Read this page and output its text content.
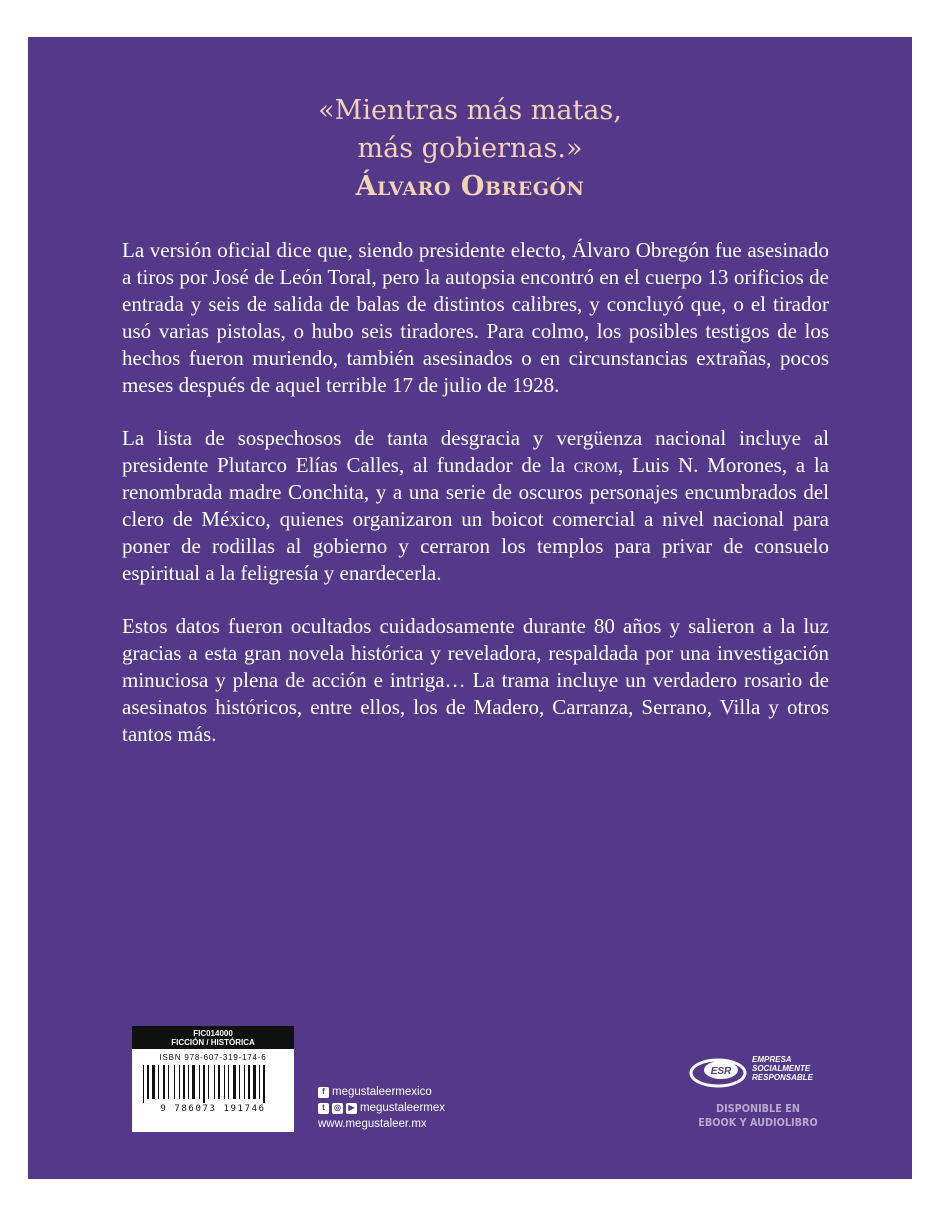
«Mientras más matas,
más gobiernas.»
Álvaro Obregón

La versión oficial dice que, siendo presidente electo, Álvaro Obregón fue asesinado a tiros por José de León Toral, pero la autopsia encontró en el cuerpo 13 orificios de entrada y seis de salida de balas de distintos calibres, y concluyó que, o el tirador usó varias pistolas, o hubo seis tiradores. Para colmo, los posibles testigos de los hechos fueron muriendo, también asesinados o en circunstancias extrañas, pocos meses después de aquel terrible 17 de julio de 1928.

La lista de sospechosos de tanta desgracia y vergüenza nacional incluye al presidente Plutarco Elías Calles, al fundador de la crom, Luis N. Morones, a la renombrada madre Conchita, y a una serie de oscuros personajes encumbrados del clero de México, quienes organizaron un boicot comercial a nivel nacional para poner de rodillas al gobierno y cerraron los templos para privar de consuelo espiritual a la feligresía y enardecerla.

Estos datos fueron ocultados cuidadosamente durante 80 años y salieron a la luz gracias a esta gran novela histórica y reveladora, respaldada por una investigación minuciosa y plena de acción e intriga… La trama incluye un verdadero rosario de asesinatos históricos, entre ellos, los de Madero, Carranza, Serrano, Villa y otros tantos más.

FIC014000
FICCIÓN / HISTÓRICA
ISBN 978-607-319-174-6
9 786073 191746
f megustaleermexico
t	◎ ▶ megustaleermex
www.megustaleer.mx
ESR
EMPRESA
SOCIALMENTE
RESPONSABLE
DISPONIBLE EN
EBOOK Y AUDIOLIBRO
